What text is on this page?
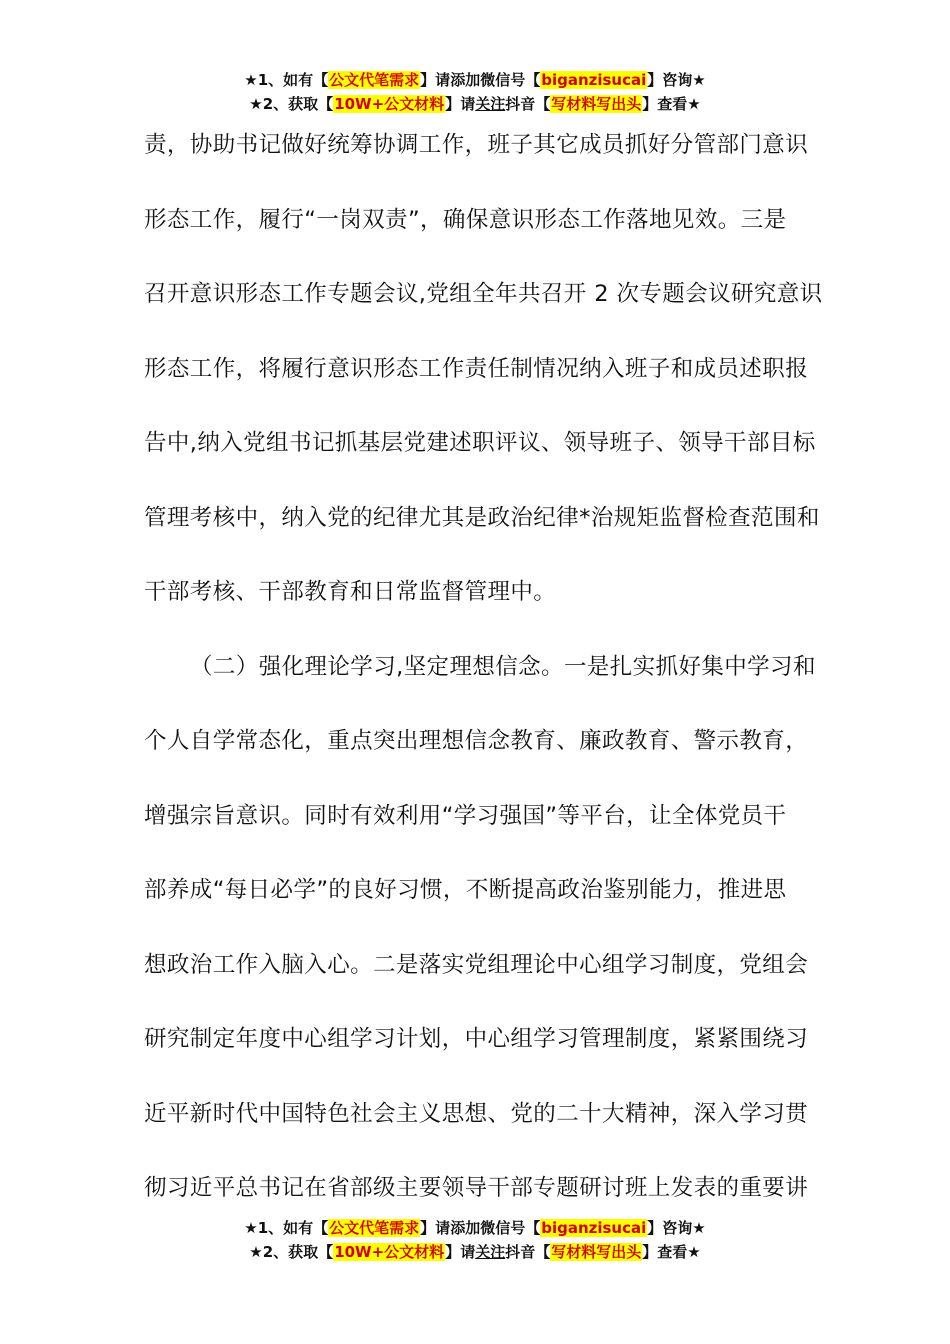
★1、如有【公文代笔需求】请添加微信号【biganzisucai】咨询★
★2、获取【10W+公文材料】请关注抖音【写材料写出头】查看★
责，协助书记做好统筹协调工作，班子其它成员抓好分管部门意识
形态工作，履行“一岗双责”，确保意识形态工作落地见效。三是
召开意识形态工作专题会议,党组全年共召开 2 次专题会议研究意识
形态工作，将履行意识形态工作责任制情况纳入班子和成员述职报
告中,纳入党组书记抓基层党建述职评议、领导班子、领导干部目标
管理考核中，纳入党的纪律尤其是政治纪律*治规矩监督检查范围和
干部考核、干部教育和日常监督管理中。
（二）强化理论学习,坚定理想信念。一是扎实抓好集中学习和
个人自学常态化，重点突出理想信念教育、廉政教育、警示教育，
增强宗旨意识。同时有效利用“学习强国”等平台，让全体党员干
部养成“每日必学”的良好习惯，不断提高政治鉴别能力，推进思
想政治工作入脑入心。二是落实党组理论中心组学习制度，党组会
研究制定年度中心组学习计划，中心组学习管理制度，紧紧围绕习
近平新时代中国特色社会主义思想、党的二十大精神，深入学习贯
彻习近平总书记在省部级主要领导干部专题研讨班上发表的重要讲
★1、如有【公文代笔需求】请添加微信号【biganzisucai】咨询★
★2、获取【10W+公文材料】请关注抖音【写材料写出头】查看★
